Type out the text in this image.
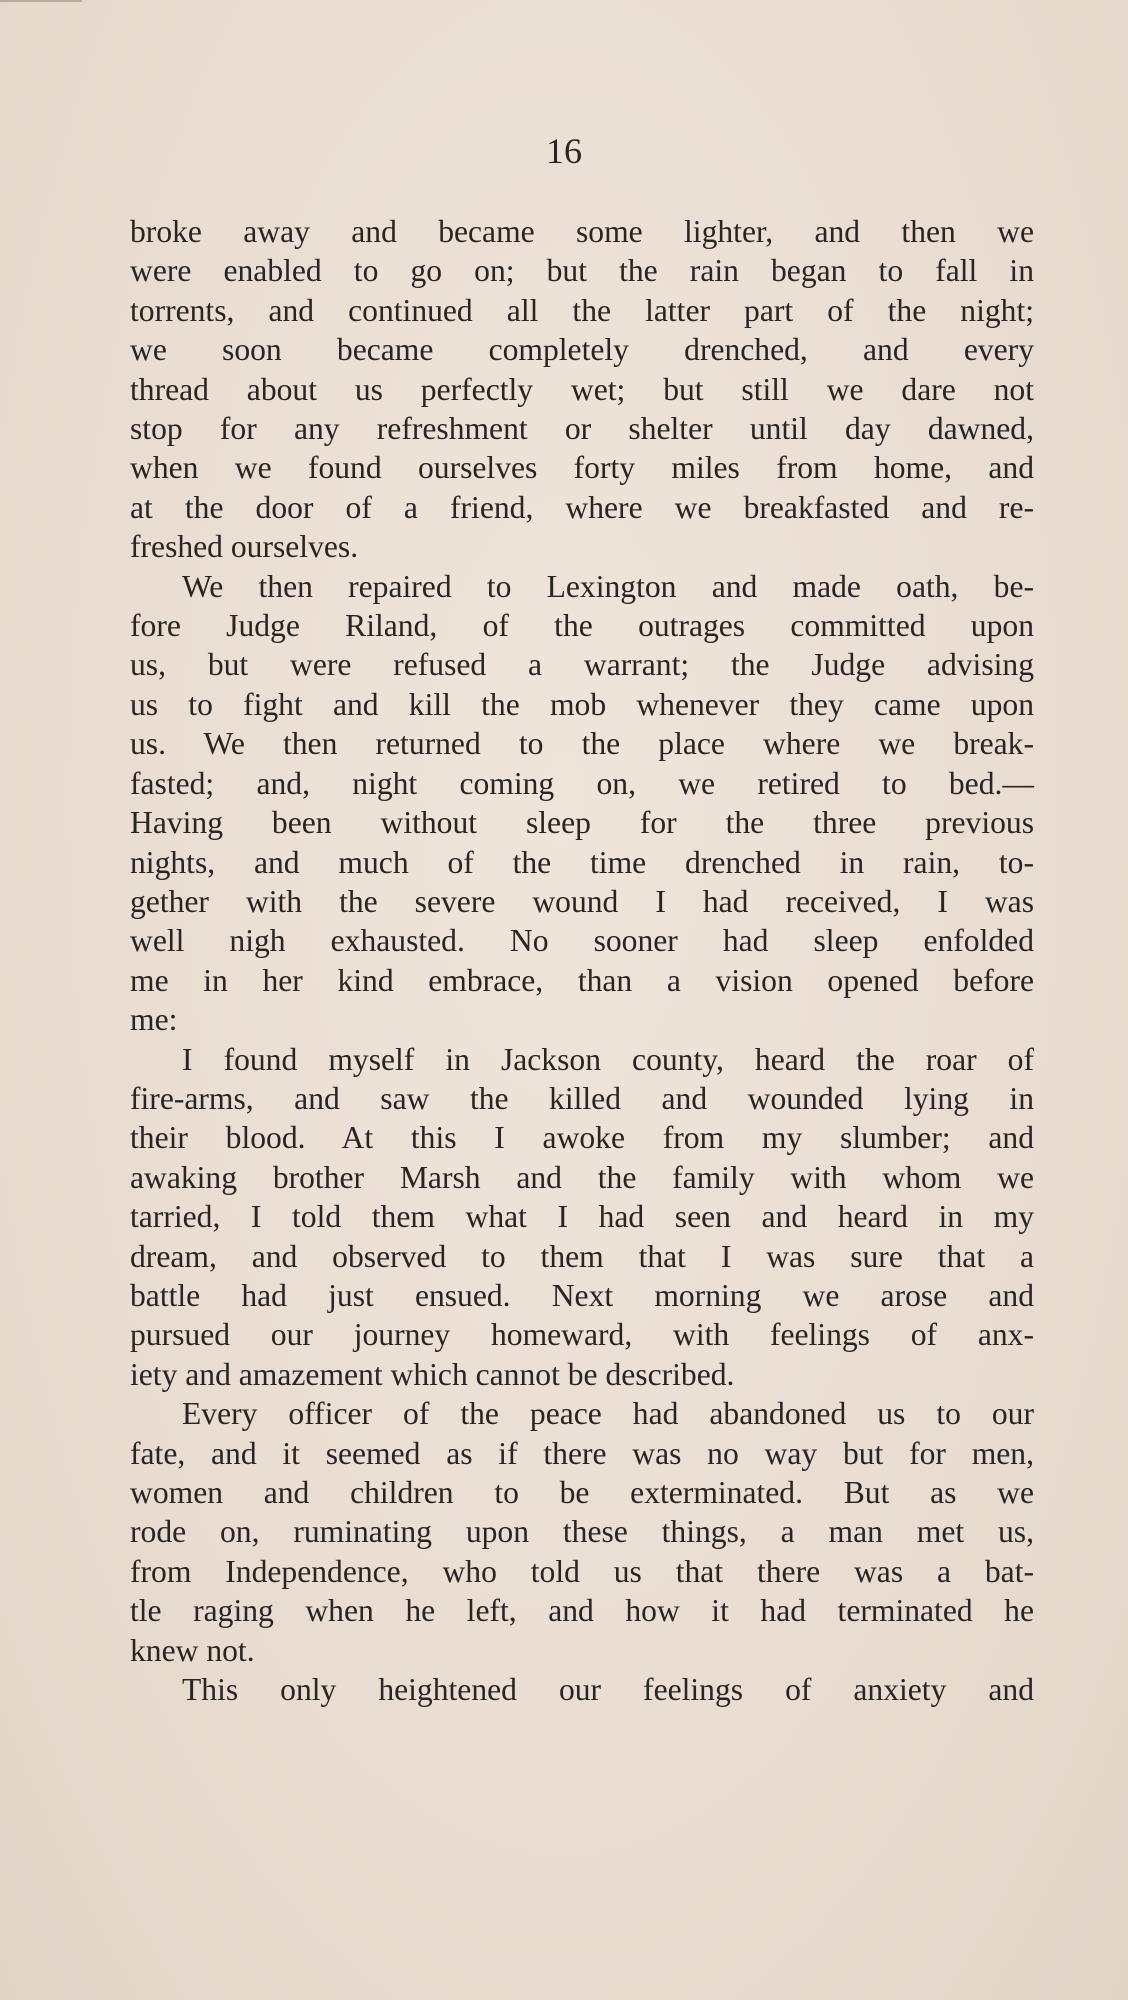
16
broke away and became some lighter, and then we
were enabled to go on; but the rain began to fall in
torrents, and continued all the latter part of the night;
we soon became completely drenched, and every
thread about us perfectly wet; but still we dare not
stop for any refreshment or shelter until day dawned,
when we found ourselves forty miles from home, and
at the door of a friend, where we breakfasted and re-
freshed ourselves.
We then repaired to Lexington and made oath, be-
fore Judge Riland, of the outrages committed upon
us, but were refused a warrant; the Judge advising
us to fight and kill the mob whenever they came upon
us. We then returned to the place where we break-
fasted; and, night coming on, we retired to bed.—
Having been without sleep for the three previous
nights, and much of the time drenched in rain, to-
gether with the severe wound I had received, I was
well nigh exhausted. No sooner had sleep enfolded
me in her kind embrace, than a vision opened before
me:
I found myself in Jackson county, heard the roar of
fire-arms, and saw the killed and wounded lying in
their blood. At this I awoke from my slumber; and
awaking brother Marsh and the family with whom we
tarried, I told them what I had seen and heard in my
dream, and observed to them that I was sure that a
battle had just ensued. Next morning we arose and
pursued our journey homeward, with feelings of anx-
iety and amazement which cannot be described.
Every officer of the peace had abandoned us to our
fate, and it seemed as if there was no way but for men,
women and children to be exterminated. But as we
rode on, ruminating upon these things, a man met us,
from Independence, who told us that there was a bat-
tle raging when he left, and how it had terminated he
knew not.
This only heightened our feelings of anxiety and
